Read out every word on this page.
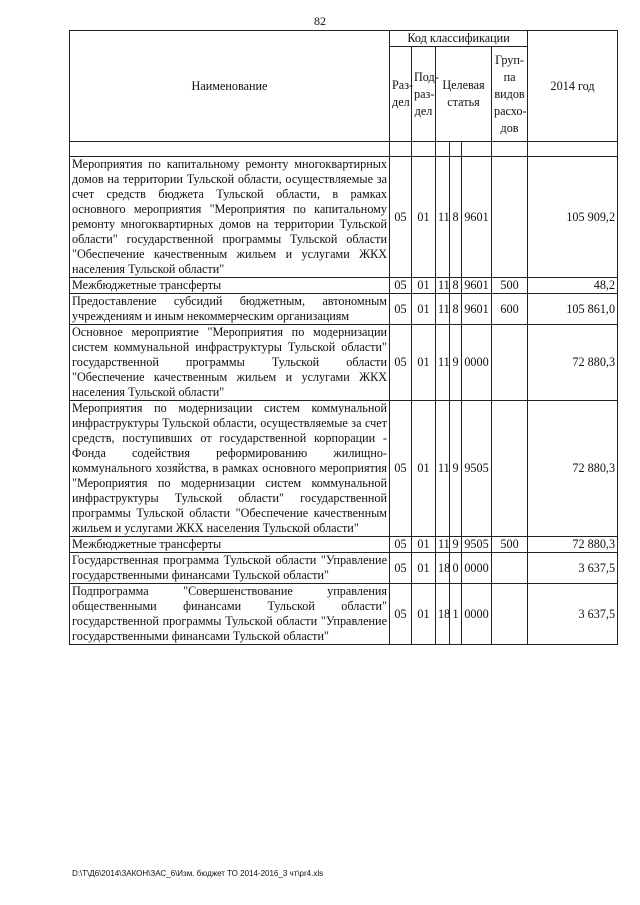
82
Наименование	Код классификации						2014 год
	Раз-дел	Под-раз-дел	Целевая статья			Груп-па видов расхо-дов	

Мероприятия по капитальному ремонту многоквартирных домов на территории Тульской области, осуществляемые за счет средств бюджета Тульской области, в рамках основного мероприятия "Мероприятия по капитальному ремонту многоквартирных домов на территории Тульской области" государственной программы Тульской области "Обеспечение качественным жильем и услугами ЖКХ населения Тульской области"	05	01	11	8	9601		105 909,2
Межбюджетные трансферты	05	01	11	8	9601	500	48,2
Предоставление субсидий бюджетным, автономным учреждениям и иным некоммерческим организациям	05	01	11	8	9601	600	105 861,0
Основное мероприятие "Мероприятия по модернизации систем коммунальной инфраструктуры Тульской области" государственной программы Тульской области "Обеспечение качественным жильем и услугами ЖКХ населения Тульской области"	05	01	11	9	0000		72 880,3
Мероприятия по модернизации систем коммунальной инфраструктуры Тульской области, осуществляемые за счет средств, поступивших от государственной корпорации - Фонда содействия реформированию жилищно-коммунального хозяйства, в рамках основного мероприятия "Мероприятия по модернизации систем коммунальной инфраструктуры Тульской области" государственной программы Тульской области "Обеспечение качественным жильем и услугами ЖКХ населения Тульской области"	05	01	11	9	9505		72 880,3
Межбюджетные трансферты	05	01	11	9	9505	500	72 880,3
Государственная программа Тульской области "Управление государственными финансами Тульской области"	05	01	18	0	0000		3 637,5
Подпрограмма "Совершенствование управления общественными финансами Тульской области" государственной программы Тульской области "Управление государственными финансами Тульской области"	05	01	18	1	0000		3 637,5
D:\Т\Д6\2014\ЗАКОН\ЗАС_6\Изм. бюджет ТО 2014-2016_3 чт\pr4.xls
